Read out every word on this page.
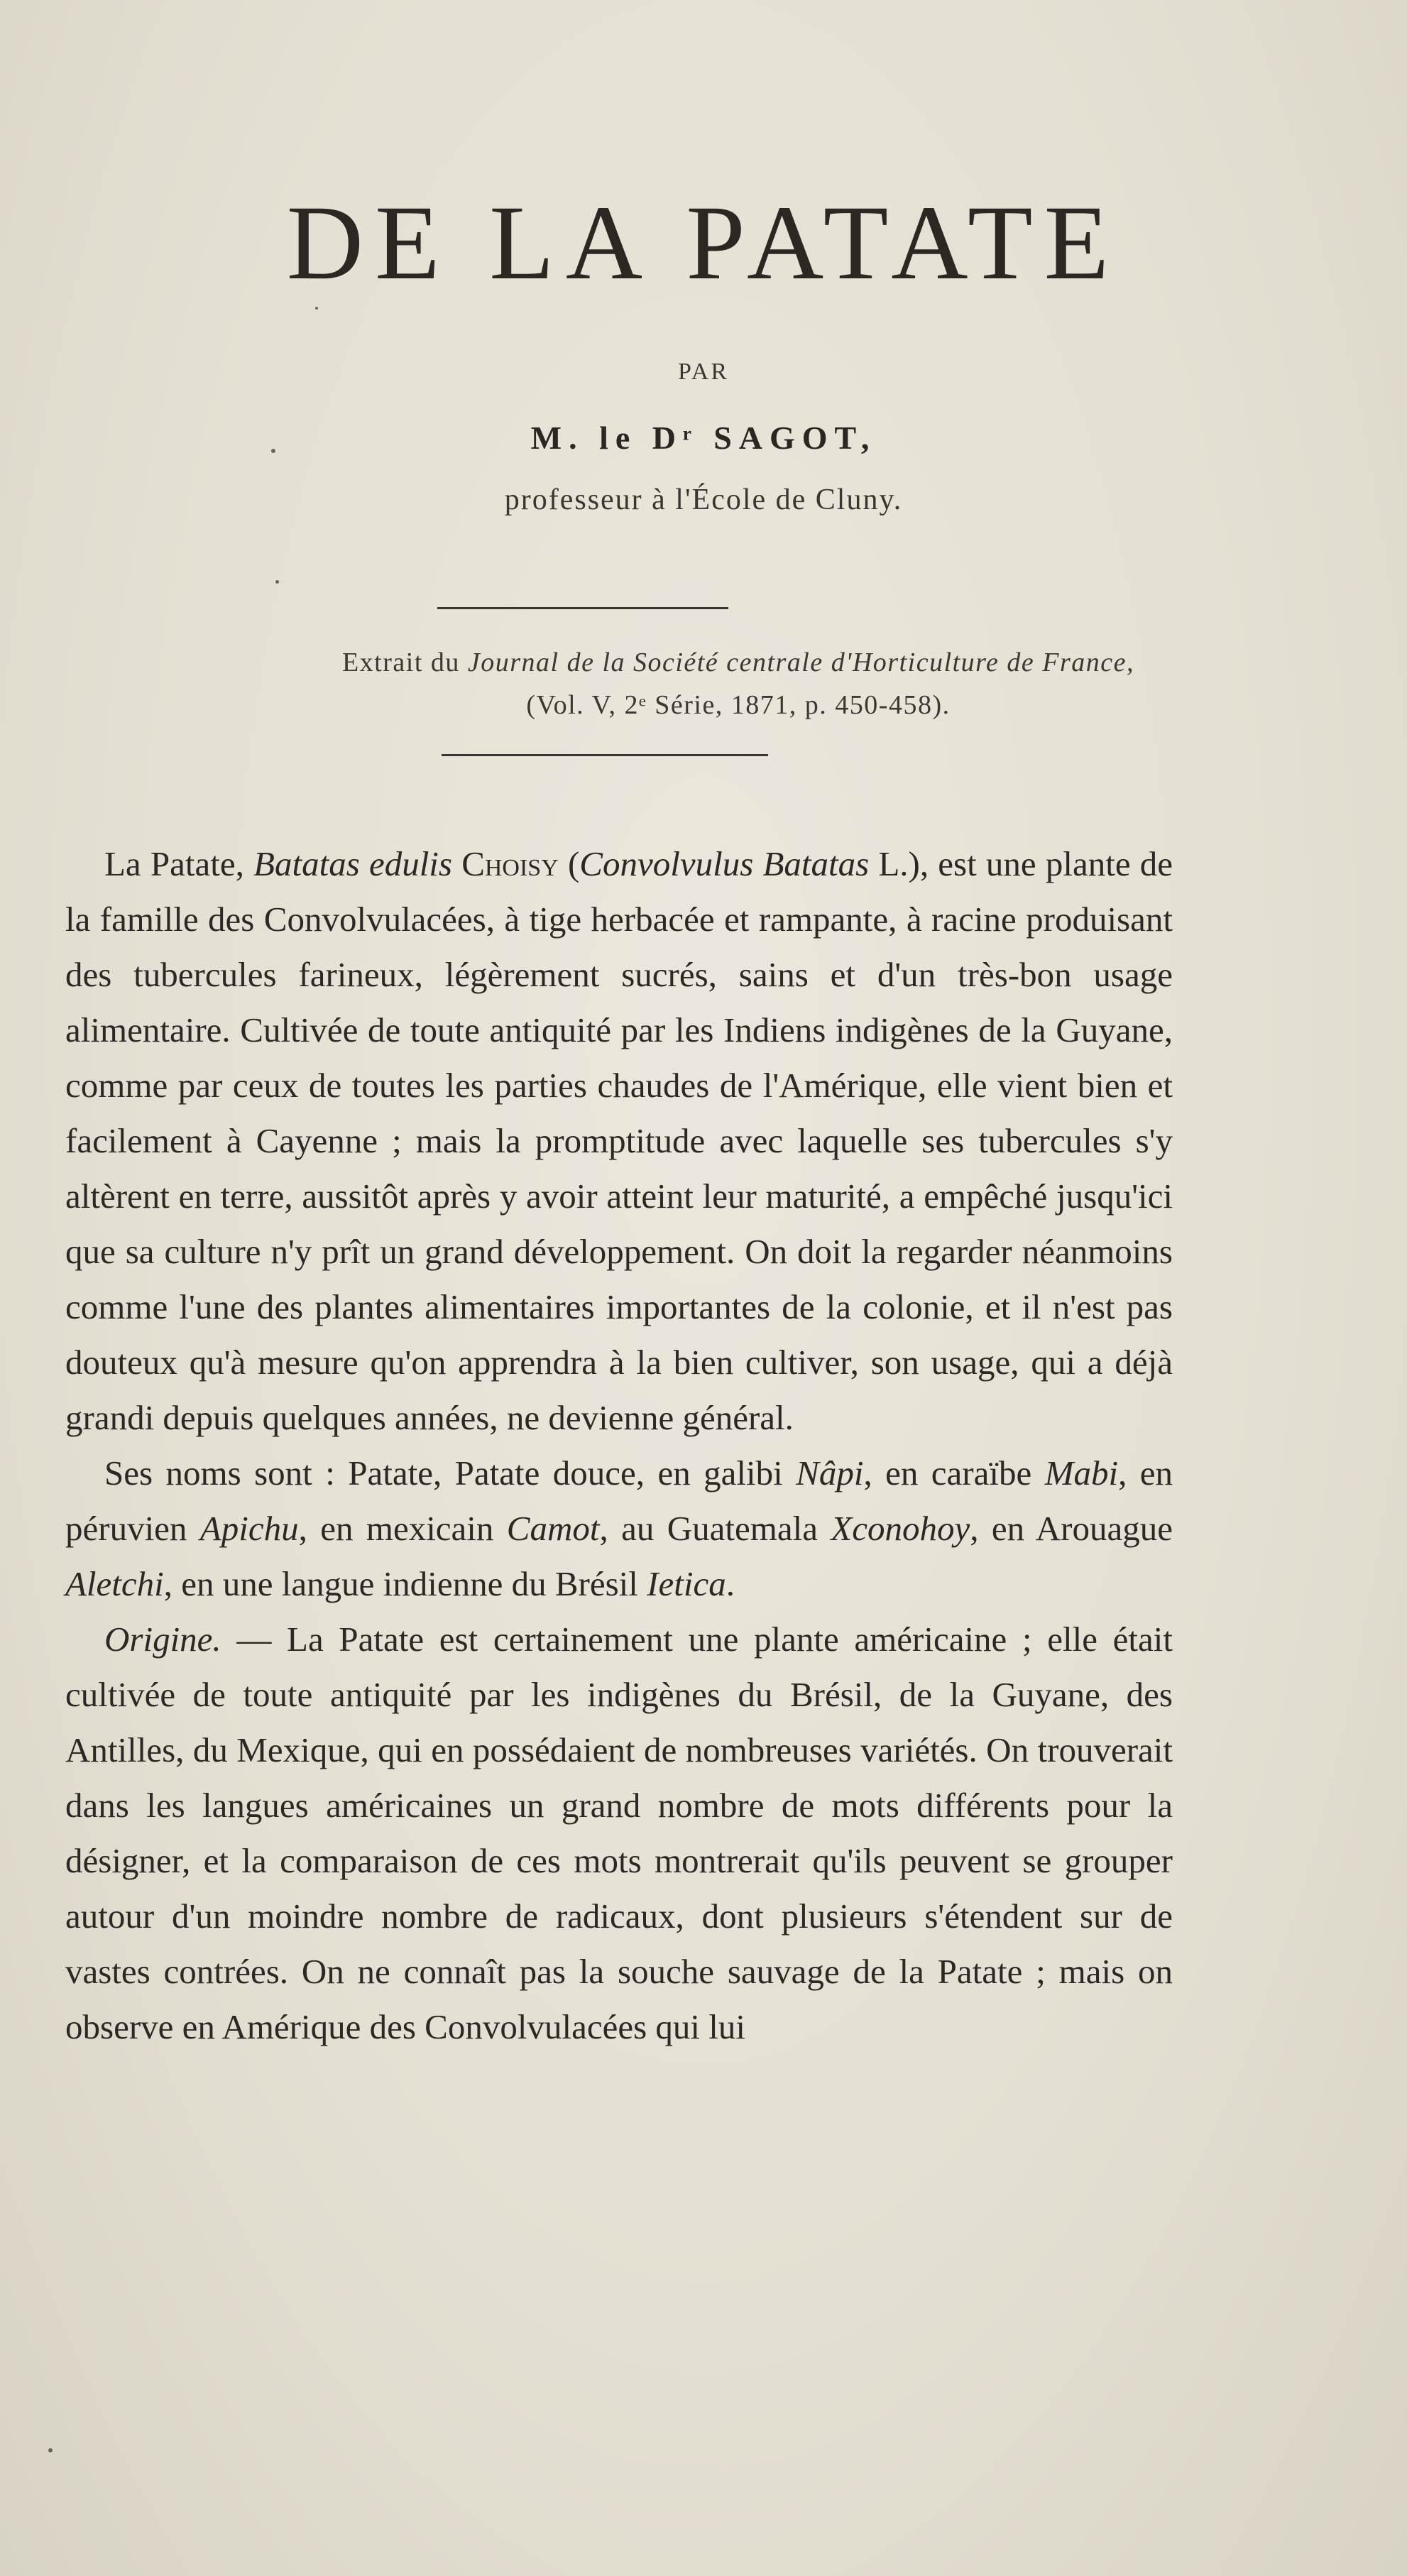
DE LA PATATE
PAR
M. le Dʳ SAGOT,
professeur à l'École de Cluny.
Extrait du Journal de la Société centrale d'Horticulture de France,
(Vol. V, 2ᵉ Série, 1871, p. 450-458).

La Patate, Batatas edulis Choisy (Convolvulus Batatas L.), est une plante de la famille des Convolvulacées, à tige herbacée et rampante, à racine produisant des tubercules farineux, légèrement sucrés, sains et d'un très-bon usage alimentaire. Cultivée de toute antiquité par les Indiens indigènes de la Guyane, comme par ceux de toutes les parties chaudes de l'Amérique, elle vient bien et facilement à Cayenne ; mais la promptitude avec laquelle ses tubercules s'y altèrent en terre, aussitôt après y avoir atteint leur maturité, a empêché jusqu'ici que sa culture n'y prît un grand développement. On doit la regarder néanmoins comme l'une des plantes alimentaires importantes de la colonie, et il n'est pas douteux qu'à mesure qu'on apprendra à la bien cultiver, son usage, qui a déjà grandi depuis quelques années, ne devienne général.

Ses noms sont : Patate, Patate douce, en galibi Nâpi, en caraïbe Mabi, en péruvien Apichu, en mexicain Camot, au Guatemala Xconohoy, en Arouague Aletchi, en une langue indienne du Brésil Ietica.

Origine. — La Patate est certainement une plante américaine ; elle était cultivée de toute antiquité par les indigènes du Brésil, de la Guyane, des Antilles, du Mexique, qui en possédaient de nombreuses variétés. On trouverait dans les langues américaines un grand nombre de mots différents pour la désigner, et la comparaison de ces mots montrerait qu'ils peuvent se grouper autour d'un moindre nombre de radicaux, dont plusieurs s'étendent sur de vastes contrées. On ne connaît pas la souche sauvage de la Patate ; mais on observe en Amérique des Convolvulacées qui lui
